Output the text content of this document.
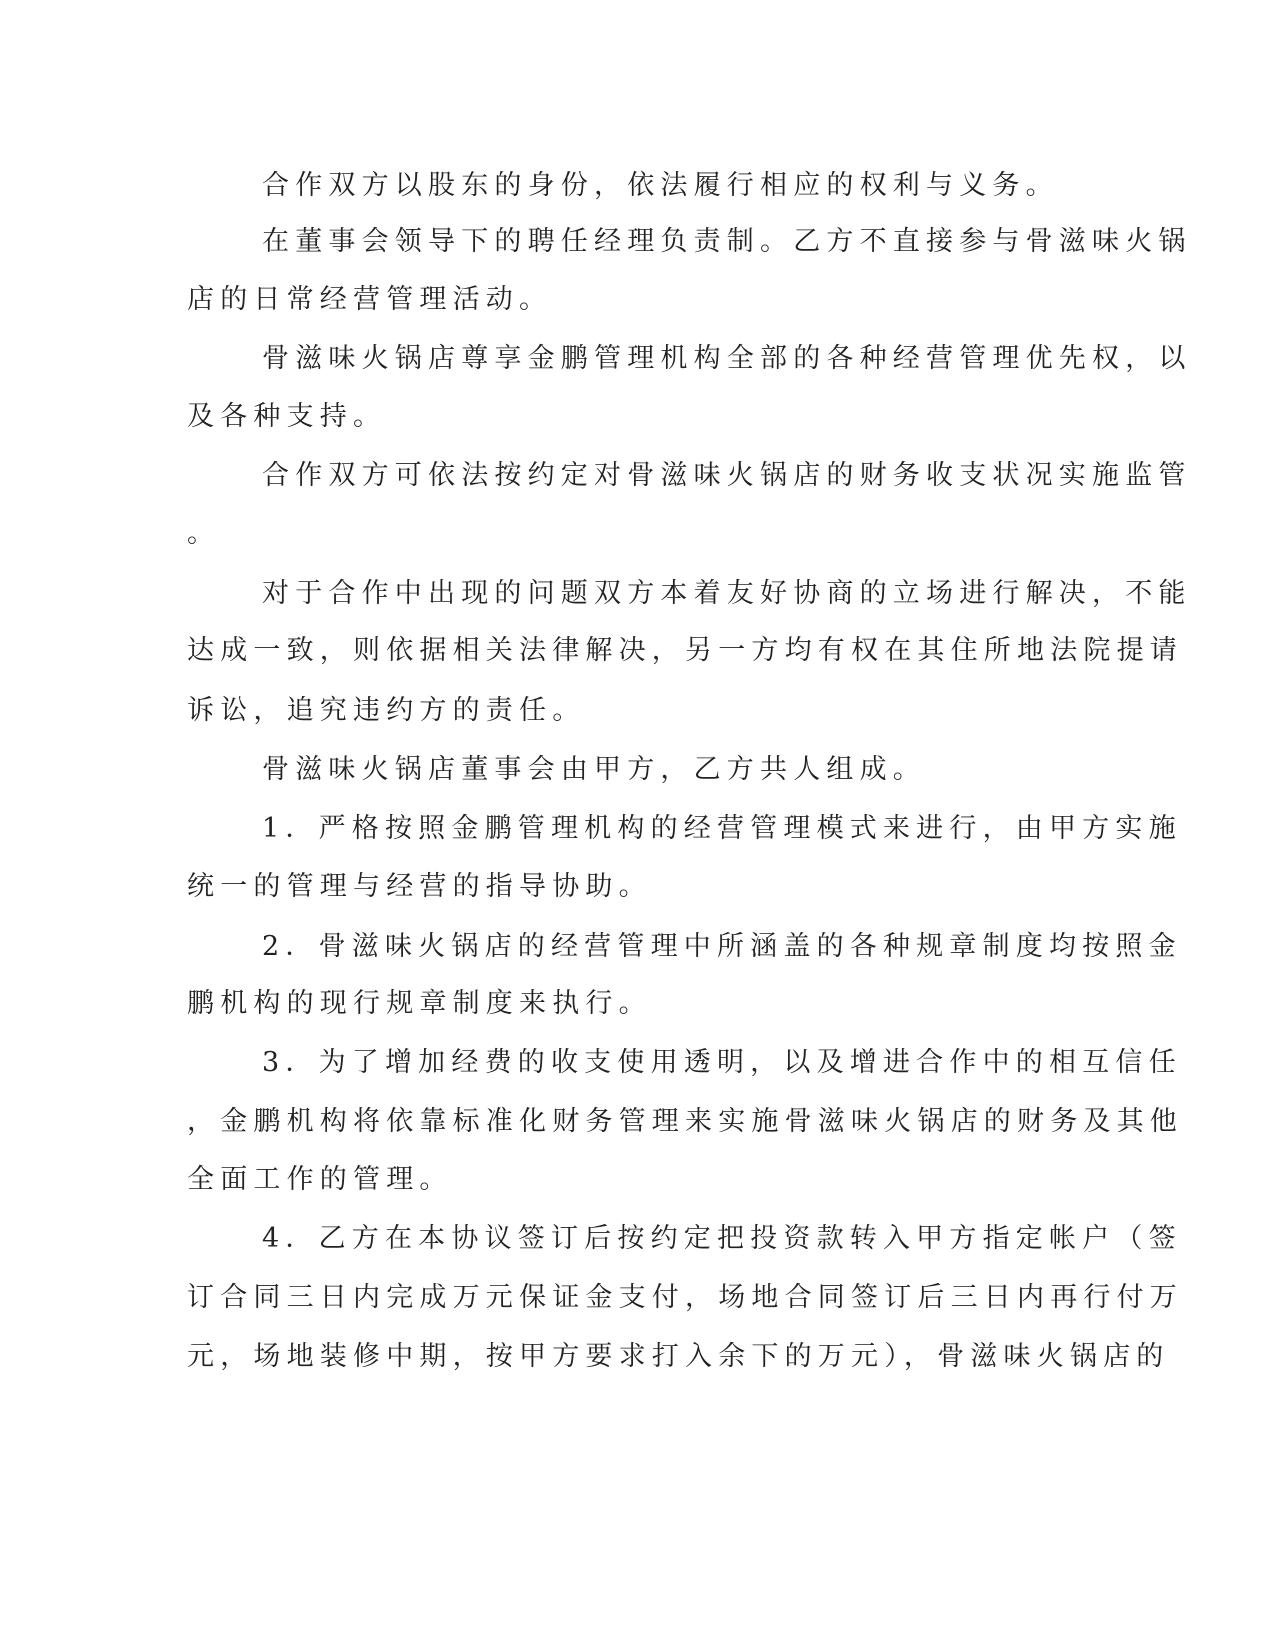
合作双方以股东的身份，依法履行相应的权利与义务。
在董事会领导下的聘任经理负责制。乙方不直接参与骨滋味火锅
店的日常经营管理活动。
骨滋味火锅店尊享金鹏管理机构全部的各种经营管理优先权，以
及各种支持。
合作双方可依法按约定对骨滋味火锅店的财务收支状况实施监管
。
对于合作中出现的问题双方本着友好协商的立场进行解决，不能
达成一致，则依据相关法律解决，另一方均有权在其住所地法院提请
诉讼，追究违约方的责任。
骨滋味火锅店董事会由甲方，乙方共人组成。
1．严格按照金鹏管理机构的经营管理模式来进行，由甲方实施
统一的管理与经营的指导协助。
2．骨滋味火锅店的经营管理中所涵盖的各种规章制度均按照金
鹏机构的现行规章制度来执行。
3．为了增加经费的收支使用透明，以及增进合作中的相互信任
，金鹏机构将依靠标准化财务管理来实施骨滋味火锅店的财务及其他
全面工作的管理。
4．乙方在本协议签订后按约定把投资款转入甲方指定帐户（签
订合同三日内完成万元保证金支付，场地合同签订后三日内再行付万
元，场地装修中期，按甲方要求打入余下的万元），骨滋味火锅店的
